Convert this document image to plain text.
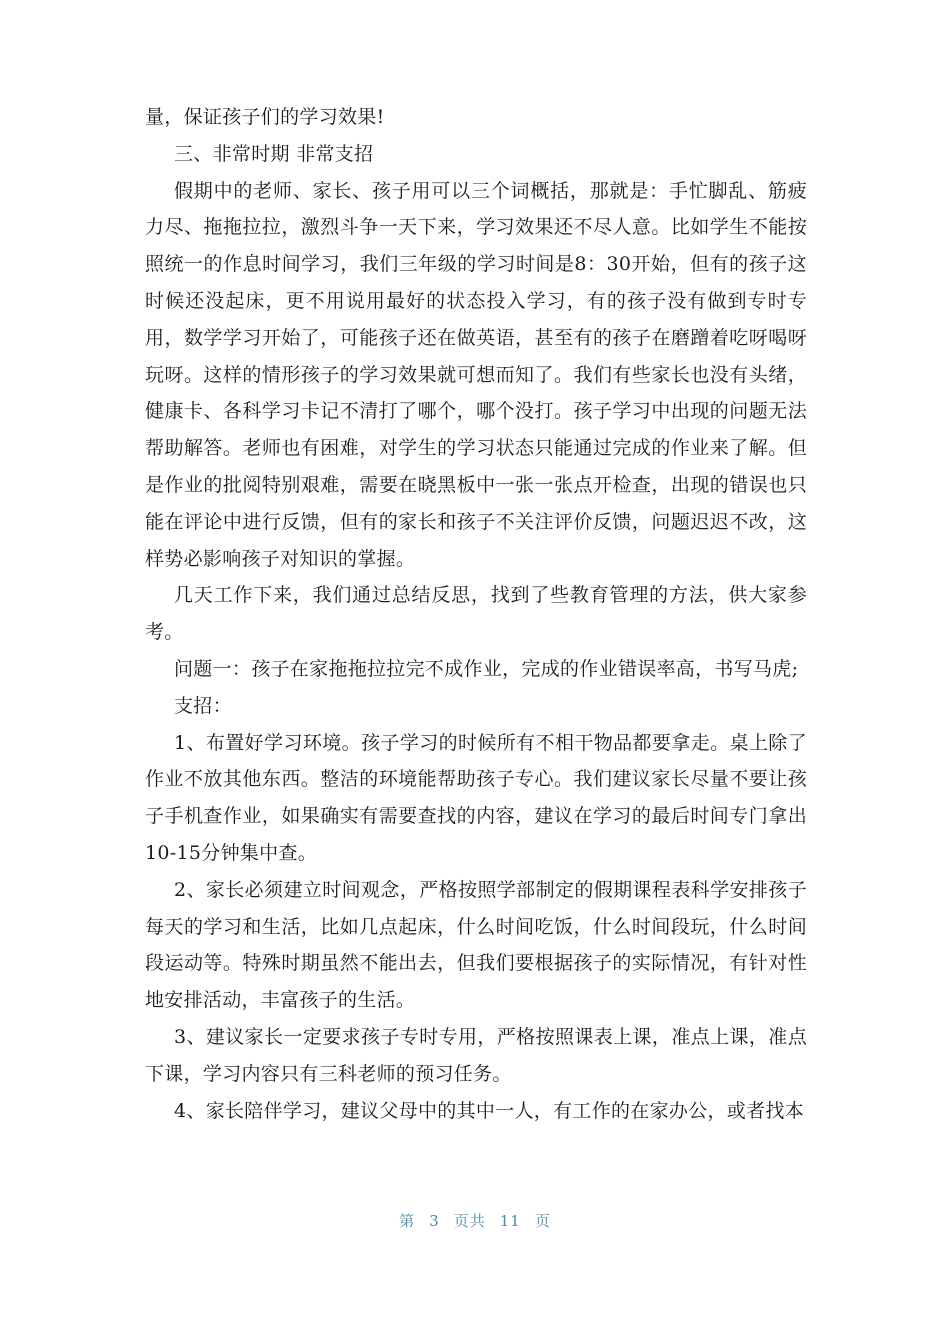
量，保证孩子们的学习效果!

三、非常时期 非常支招

假期中的老师、家长、孩子用可以三个词概括，那就是：手忙脚乱、筋疲力尽、拖拖拉拉，激烈斗争一天下来，学习效果还不尽人意。比如学生不能按照统一的作息时间学习，我们三年级的学习时间是8：30开始，但有的孩子这时候还没起床，更不用说用最好的状态投入学习，有的孩子没有做到专时专用，数学学习开始了，可能孩子还在做英语，甚至有的孩子在磨蹭着吃呀喝呀玩呀。这样的情形孩子的学习效果就可想而知了。我们有些家长也没有头绪，健康卡、各科学习卡记不清打了哪个，哪个没打。孩子学习中出现的问题无法帮助解答。老师也有困难，对学生的学习状态只能通过完成的作业来了解。但是作业的批阅特别艰难，需要在晓黑板中一张一张点开检查，出现的错误也只能在评论中进行反馈，但有的家长和孩子不关注评价反馈，问题迟迟不改，这样势必影响孩子对知识的掌握。

几天工作下来，我们通过总结反思，找到了些教育管理的方法，供大家参考。

问题一：孩子在家拖拖拉拉完不成作业，完成的作业错误率高，书写马虎;

支招：

1、布置好学习环境。孩子学习的时候所有不相干物品都要拿走。桌上除了作业不放其他东西。整洁的环境能帮助孩子专心。我们建议家长尽量不要让孩子手机查作业，如果确实有需要查找的内容，建议在学习的最后时间专门拿出10-15分钟集中查。

2、家长必须建立时间观念，严格按照学部制定的假期课程表科学安排孩子每天的学习和生活，比如几点起床，什么时间吃饭，什么时间段玩，什么时间段运动等。特殊时期虽然不能出去，但我们要根据孩子的实际情况，有针对性地安排活动，丰富孩子的生活。

3、建议家长一定要求孩子专时专用，严格按照课表上课，准点上课，准点下课，学习内容只有三科老师的预习任务。

4、家长陪伴学习，建议父母中的其中一人，有工作的在家办公，或者找本

第 3 页共 11 页
